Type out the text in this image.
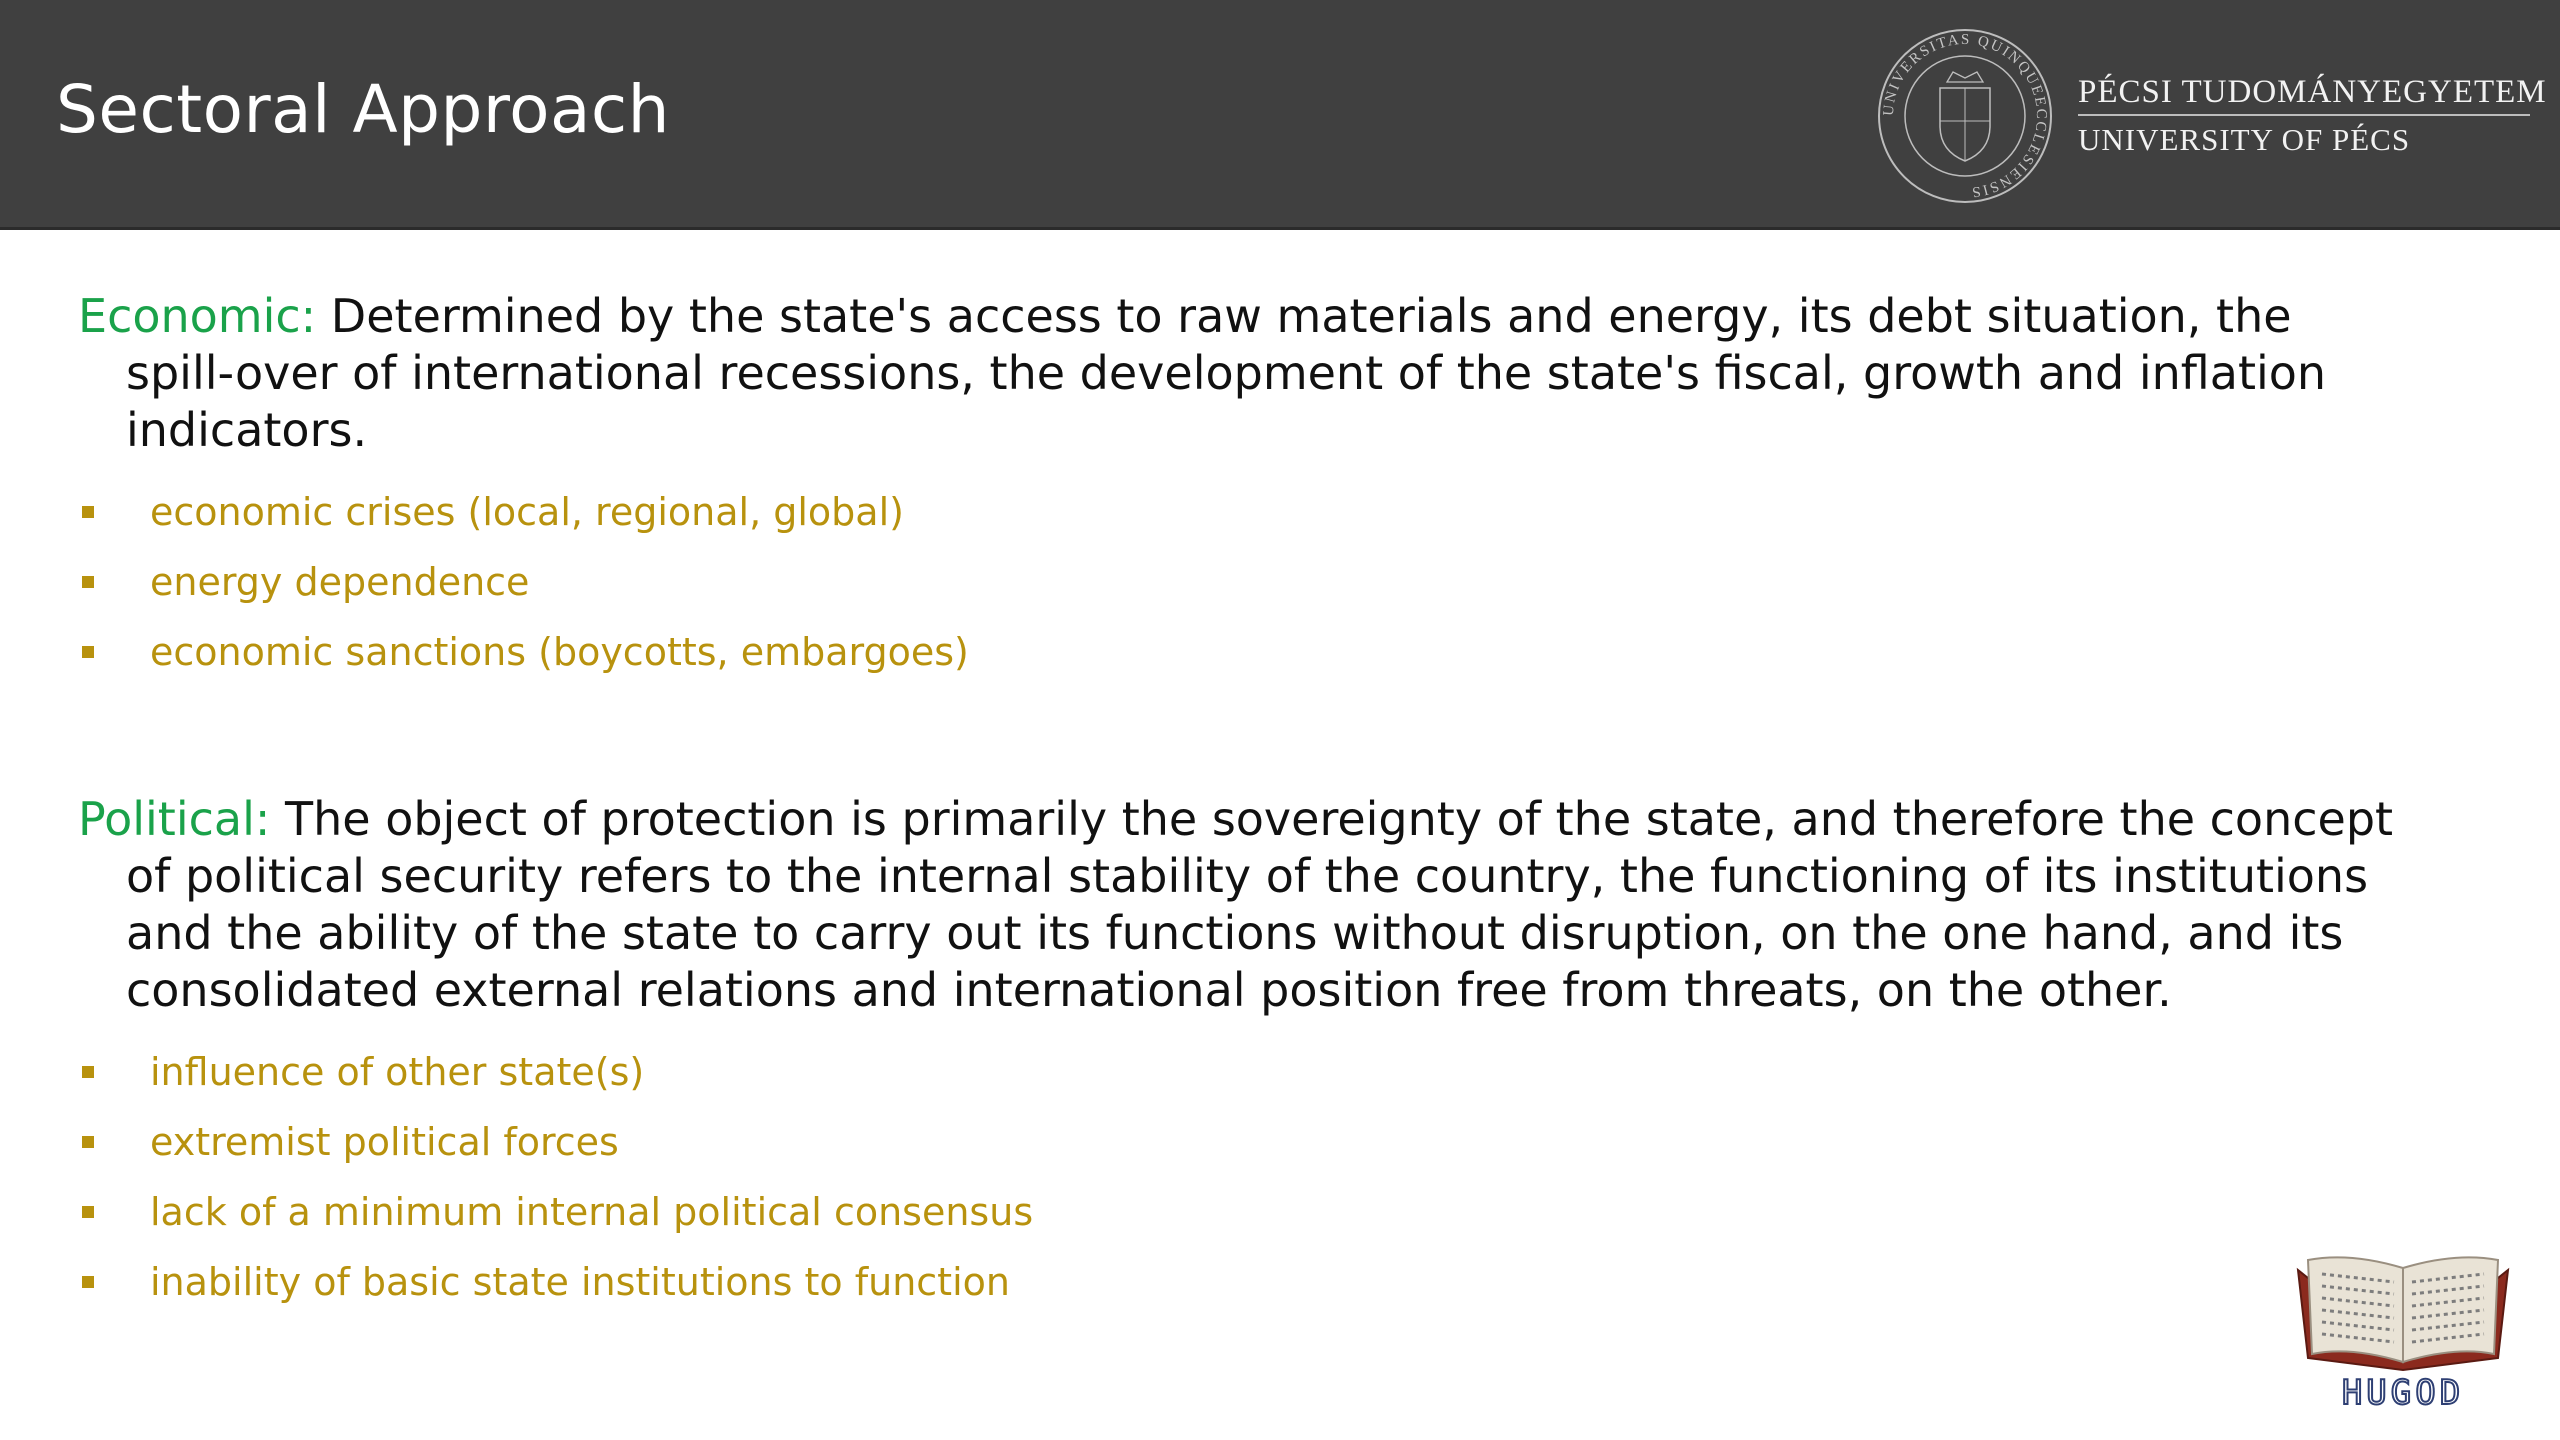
Sectoral Approach	UNIVERSITAS QUINQUEECCLESIENSIS
PÉCSI TUDOMÁNYEGYETEM
UNIVERSITY OF PÉCS

Economic: Determined by the state's access to raw materials and energy, its debt situation, the spill-over of international recessions, the development of the state's fiscal, growth and inflation indicators.

economic crises (local, regional, global)
energy dependence
economic sanctions (boycotts, embargoes)

Political: The object of protection is primarily the sovereignty of the state, and therefore the concept of political security refers to the internal stability of the country, the functioning of its institutions and the ability of the state to carry out its functions without disruption, on the one hand, and its consolidated external relations and international position free from threats, on the other.

influence of other state(s)
extremist political forces
lack of a minimum internal political consensus
inability of basic state institutions to function
HUGOD
